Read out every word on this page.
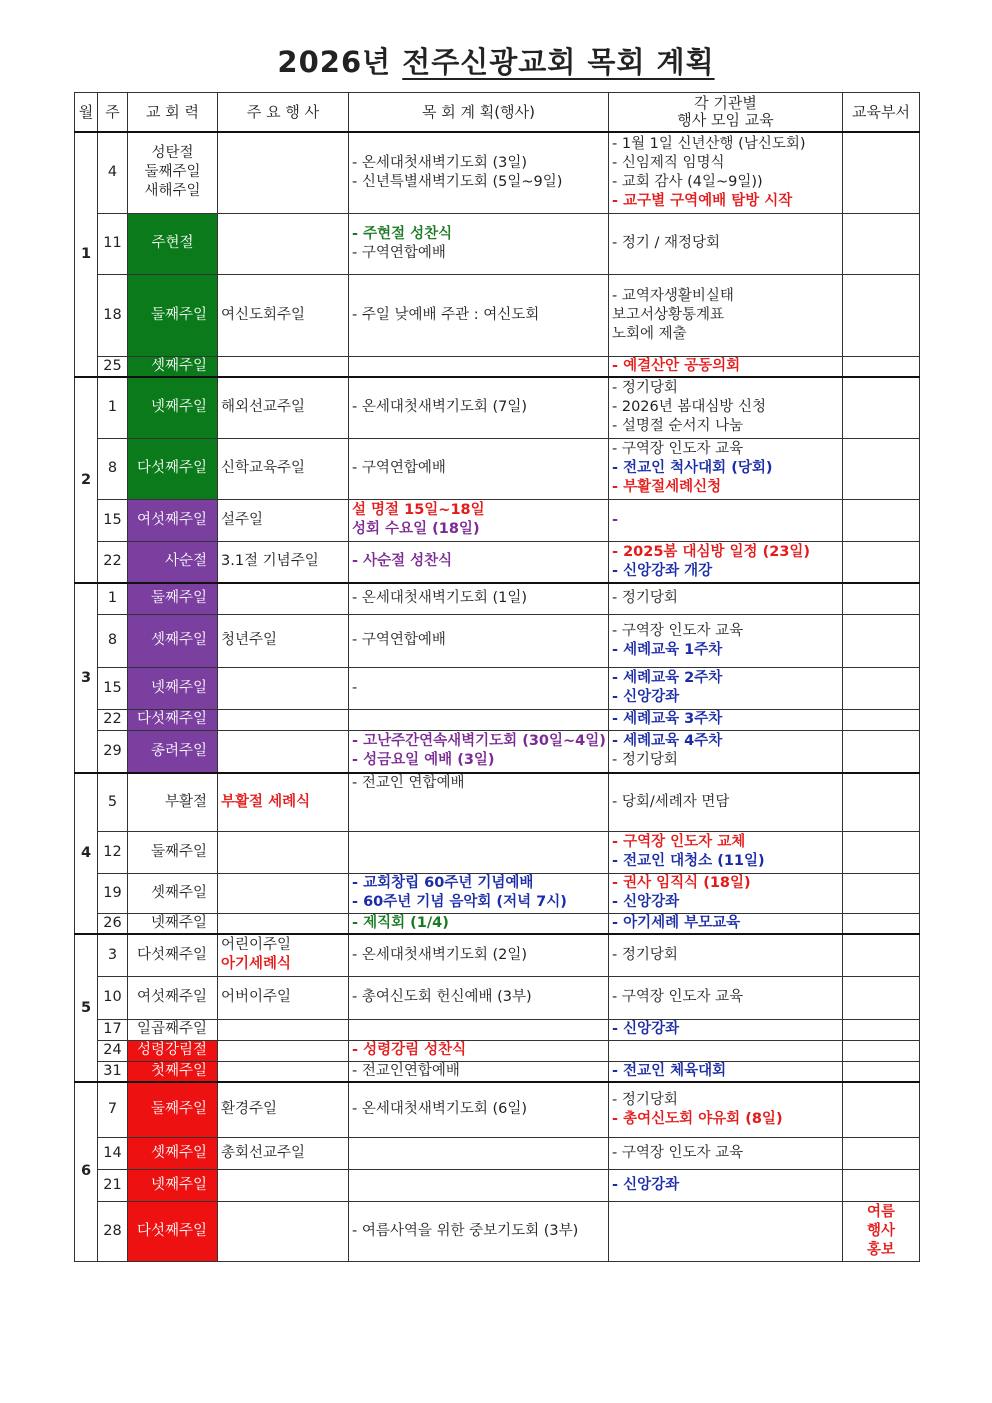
2026년 전주신광교회 목회 계획
월	주	교 회 력	주 요 행 사	목 회 계 획(행사)	각 기관별
행사 모임 교육	교육부서
1	4	성탄절
둘째주일
새해주일		- 온세대첫새벽기도회 (3일)
- 신년특별새벽기도회 (5일~9일)	- 1월 1일 신년산행 (남신도회)
- 신임제직 임명식
- 교회 감사 (4일~9일))
- 교구별 구역예배 탐방 시작	

	11	주현절		- 주현절 성찬식
- 구역연합예배	- 정기 / 재정당회	

	18	둘째주일	여신도회주일	- 주일 낮예배 주관 : 여신도회	- 교역자생활비실태
보고서상황통계표
노회에 제출	

	25	셋째주일			- 예결산안 공동의회	

2	1	넷째주일	해외선교주일	- 온세대첫새벽기도회 (7일)	- 정기당회
- 2026년 봄대심방 신청
- 설명절 순서지 나눔	

	8	다섯째주일	신학교육주일	- 구역연합예배	- 구역장 인도자 교육
- 전교인 척사대회 (당회)
- 부활절세례신청	

	15	여섯째주일	설주일	설 명절 15일~18일
성회 수요일 (18일)	-	

	22	사순절	3.1절 기념주일	- 사순절 성찬식	- 2025봄 대심방 일정 (23일)
- 신앙강좌 개강	

3	1	둘째주일		- 온세대첫새벽기도회 (1일)	- 정기당회	

	8	셋째주일	청년주일	- 구역연합예배	- 구역장 인도자 교육
- 세례교육 1주차	

	15	넷째주일		-	- 세례교육 2주차
- 신앙강좌	

	22	다섯째주일			- 세례교육 3주차	

	29	종려주일		- 고난주간연속새벽기도회 (30일~4일)
- 성금요일 예배 (3일)	- 세례교육 4주차
- 정기당회	

4	5	부활절	부활절 세례식	- 전교인 연합예배	- 당회/세례자 면담	

	12	둘째주일			- 구역장 인도자 교체
- 전교인 대청소 (11일)	

	19	셋째주일		- 교회창립 60주년 기념예배
- 60주년 기념 음악회 (저녁 7시)	- 권사 임직식 (18일)
- 신앙강좌	

	26	넷째주일		- 제직회 (1/4)	- 아기세례 부모교육	

5	3	다섯째주일	어린이주일
아기세례식	- 온세대첫새벽기도회 (2일)	- 정기당회	

	10	여섯째주일	어버이주일	- 총여신도회 헌신예배 (3부)	- 구역장 인도자 교육	

	17	일곱째주일			- 신앙강좌	

	24	성령강림절		- 성령강림 성찬식		

	31	첫째주일		- 전교인연합예배	- 전교인 체육대회	

6	7	둘째주일	환경주일	- 온세대첫새벽기도회 (6일)	- 정기당회
- 총여신도회 야유회 (8일)	

	14	셋째주일	총회선교주일		- 구역장 인도자 교육	

	21	넷째주일			- 신앙강좌	

	28	다섯째주일		- 여름사역을 위한 중보기도회 (3부)		여름
행사
홍보
